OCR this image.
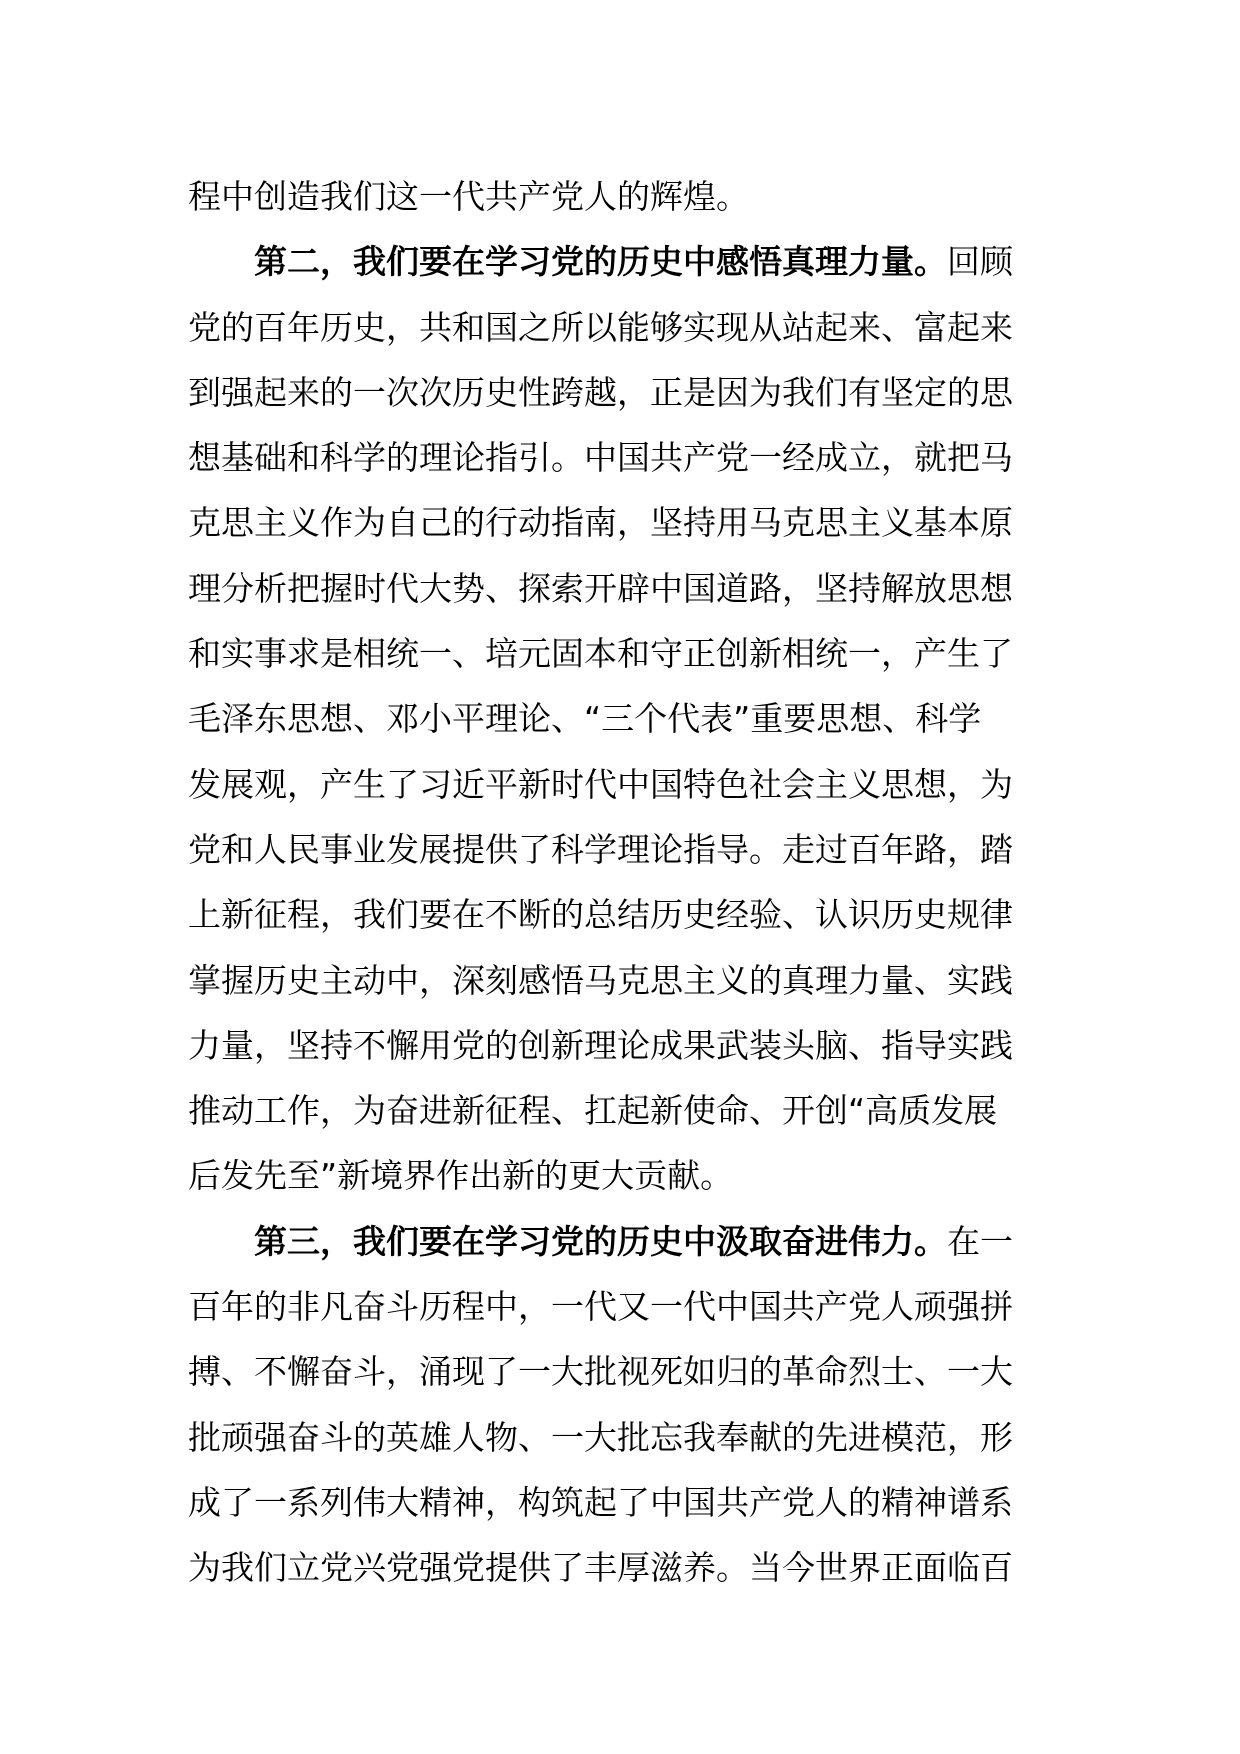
程中创造我们这一代共产党人的辉煌。
第二，我们要在学习党的历史中感悟真理力量。回顾
党的百年历史，共和国之所以能够实现从站起来、富起来
到强起来的一次次历史性跨越，正是因为我们有坚定的思
想基础和科学的理论指引。中国共产党一经成立，就把马
克思主义作为自己的行动指南，坚持用马克思主义基本原
理分析把握时代大势、探索开辟中国道路，坚持解放思想
和实事求是相统一、培元固本和守正创新相统一，产生了
毛泽东思想、邓小平理论、“三个代表”重要思想、科学
发展观，产生了习近平新时代中国特色社会主义思想，为
党和人民事业发展提供了科学理论指导。走过百年路，踏
上新征程，我们要在不断的总结历史经验、认识历史规律
掌握历史主动中，深刻感悟马克思主义的真理力量、实践
力量，坚持不懈用党的创新理论成果武装头脑、指导实践
推动工作，为奋进新征程、扛起新使命、开创“高质发展
后发先至”新境界作出新的更大贡献。
第三，我们要在学习党的历史中汲取奋进伟力。在一
百年的非凡奋斗历程中，一代又一代中国共产党人顽强拼
搏、不懈奋斗，涌现了一大批视死如归的革命烈士、一大
批顽强奋斗的英雄人物、一大批忘我奉献的先进模范，形
成了一系列伟大精神，构筑起了中国共产党人的精神谱系
为我们立党兴党强党提供了丰厚滋养。当今世界正面临百
